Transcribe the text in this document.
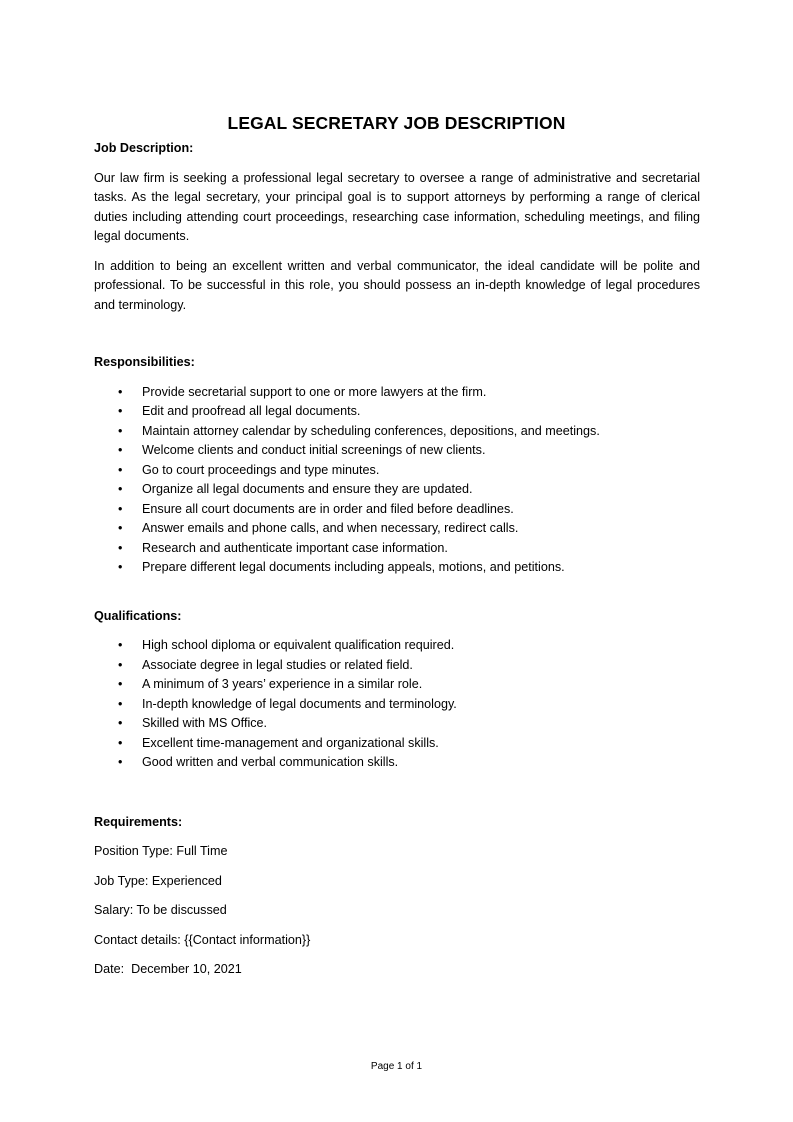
LEGAL SECRETARY JOB DESCRIPTION

Job Description:

Our law firm is seeking a professional legal secretary to oversee a range of administrative and secretarial tasks. As the legal secretary, your principal goal is to support attorneys by performing a range of clerical duties including attending court proceedings, researching case information, scheduling meetings, and filing legal documents.

In addition to being an excellent written and verbal communicator, the ideal candidate will be polite and professional. To be successful in this role, you should possess an in-depth knowledge of legal procedures and terminology.

Responsibilities:

• Provide secretarial support to one or more lawyers at the firm.
• Edit and proofread all legal documents.
• Maintain attorney calendar by scheduling conferences, depositions, and meetings.
• Welcome clients and conduct initial screenings of new clients.
• Go to court proceedings and type minutes.
• Organize all legal documents and ensure they are updated.
• Ensure all court documents are in order and filed before deadlines.
• Answer emails and phone calls, and when necessary, redirect calls.
• Research and authenticate important case information.
• Prepare different legal documents including appeals, motions, and petitions.

Qualifications:

• High school diploma or equivalent qualification required.
• Associate degree in legal studies or related field.
• A minimum of 3 years’ experience in a similar role.
• In-depth knowledge of legal documents and terminology.
• Skilled with MS Office.
• Excellent time-management and organizational skills.
• Good written and verbal communication skills.

Requirements:

Position Type: Full Time

Job Type: Experienced

Salary: To be discussed

Contact details: {{Contact information}}

Date:  December 10, 2021

Page 1 of 1
